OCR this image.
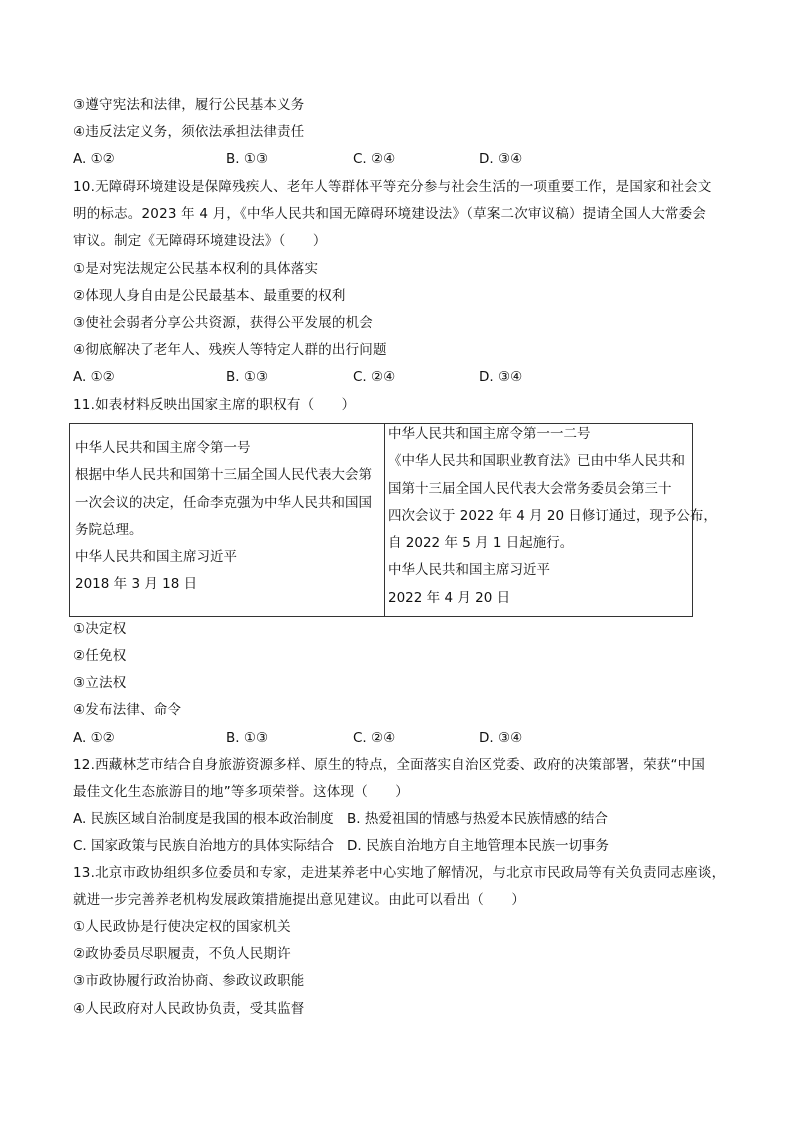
③遵守宪法和法律，履行公民基本义务
④违反法定义务，须依法承担法律责任
A. ①②	B. ①③	C. ②④	D. ③④
10.无障碍环境建设是保障残疾人、老年人等群体平等充分参与社会生活的一项重要工作，是国家和社会文
明的标志。2023 年 4 月，《中华人民共和国无障碍环境建设法》（草案二次审议稿）提请全国人大常委会
审议。制定《无障碍环境建设法》（　　）
①是对宪法规定公民基本权利的具体落实
②体现人身自由是公民最基本、最重要的权利
③使社会弱者分享公共资源，获得公平发展的机会
④彻底解决了老年人、残疾人等特定人群的出行问题
A. ①②	B. ①③	C. ②④	D. ③④
11.如表材料反映出国家主席的职权有（　　）
中华人民共和国主席令第一号
根据中华人民共和国第十三届全国人民代表大会第
一次会议的决定，任命李克强为中华人民共和国国
务院总理。
中华人民共和国主席习近平
2018 年 3 月 18 日
中华人民共和国主席令第一一二号
《中华人民共和国职业教育法》已由中华人民共和
国第十三届全国人民代表大会常务委员会第三十
四次会议于 2022 年 4 月 20 日修订通过，现予公布，
自 2022 年 5 月 1 日起施行。
中华人民共和国主席习近平
2022 年 4 月 20 日
①决定权
②任免权
③立法权
④发布法律、命令
A. ①②	B. ①③	C. ②④	D. ③④
12.西藏林芝市结合自身旅游资源多样、原生的特点，全面落实自治区党委、政府的决策部署，荣获“中国
最佳文化生态旅游目的地”等多项荣誉。这体现（　　）
A. 民族区域自治制度是我国的根本政治制度 B. 热爱祖国的情感与热爱本民族情感的结合
C. 国家政策与民族自治地方的具体实际结合 D. 民族自治地方自主地管理本民族一切事务
13.北京市政协组织多位委员和专家，走进某养老中心实地了解情况，与北京市民政局等有关负责同志座谈，
就进一步完善养老机构发展政策措施提出意见建议。由此可以看出（　　）
①人民政协是行使决定权的国家机关
②政协委员尽职履责，不负人民期许
③市政协履行政治协商、参政议政职能
④人民政府对人民政协负责，受其监督
